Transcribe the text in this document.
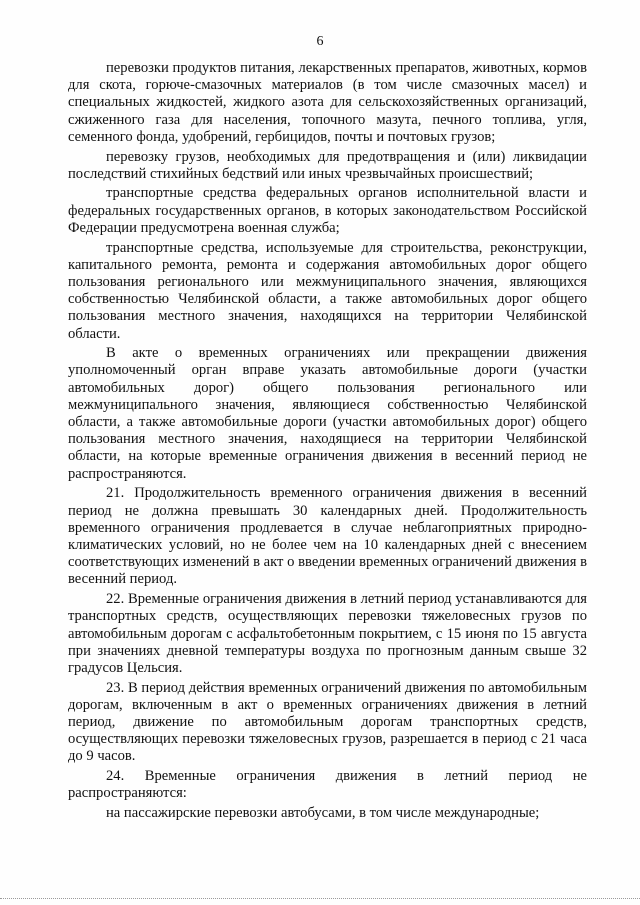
6

перевозки продуктов питания, лекарственных препаратов, животных, кормов для скота, горюче-смазочных материалов (в том числе смазочных масел) и специальных жидкостей, жидкого азота для сельскохозяйственных организаций, сжиженного газа для населения, топочного мазута, печного топлива, угля, семенного фонда, удобрений, гербицидов, почты и почтовых грузов;

перевозку грузов, необходимых для предотвращения и (или) ликвидации последствий стихийных бедствий или иных чрезвычайных происшествий;

транспортные средства федеральных органов исполнительной власти и федеральных государственных органов, в которых законодательством Российской Федерации предусмотрена военная служба;

транспортные средства, используемые для строительства, реконструкции, капитального ремонта, ремонта и содержания автомобильных дорог общего пользования регионального или межмуниципального значения, являющихся собственностью Челябинской области, а также автомобильных дорог общего пользования местного значения, находящихся на территории Челябинской области.

В акте о временных ограничениях или прекращении движения уполномоченный орган вправе указать автомобильные дороги (участки автомобильных дорог) общего пользования регионального или межмуниципального значения, являющиеся собственностью Челябинской области, а также автомобильные дороги (участки автомобильных дорог) общего пользования местного значения, находящиеся на территории Челябинской области, на которые временные ограничения движения в весенний период не распространяются.

21. Продолжительность временного ограничения движения в весенний период не должна превышать 30 календарных дней. Продолжительность временного ограничения продлевается в случае неблагоприятных природно-климатических условий, но не более чем на 10 календарных дней с внесением соответствующих изменений в акт о введении временных ограничений движения в весенний период.

22. Временные ограничения движения в летний период устанавливаются для транспортных средств, осуществляющих перевозки тяжеловесных грузов по автомобильным дорогам с асфальтобетонным покрытием, с 15 июня по 15 августа при значениях дневной температуры воздуха по прогнозным данным свыше 32 градусов Цельсия.

23. В период действия временных ограничений движения по автомобильным дорогам, включенным в акт о временных ограничениях движения в летний период, движение по автомобильным дорогам транспортных средств, осуществляющих перевозки тяжеловесных грузов, разрешается в период с 21 часа до 9 часов.

24. Временные ограничения движения в летний период не распространяются:

на пассажирские перевозки автобусами, в том числе международные;
